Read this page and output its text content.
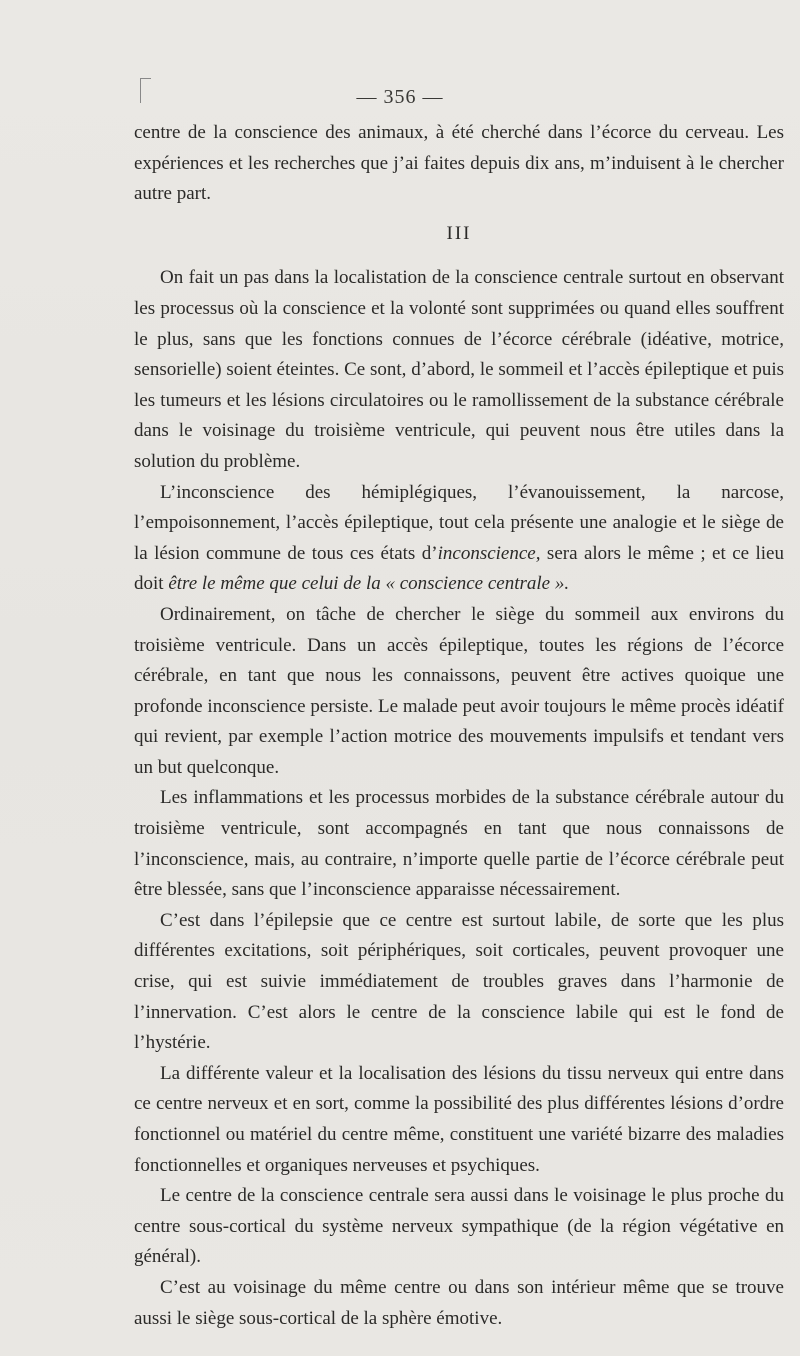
— 356 —

centre de la conscience des animaux, à été cherché dans l’écorce du cerveau. Les expériences et les recherches que j’ai faites depuis dix ans, m’induisent à le chercher autre part.

III

On fait un pas dans la localistation de la conscience centrale surtout en observant les processus où la conscience et la volonté sont supprimées ou quand elles souffrent le plus, sans que les fonctions connues de l’écorce cérébrale (idéative, motrice, sensorielle) soient éteintes. Ce sont, d’abord, le sommeil et l’accès épileptique et puis les tumeurs et les lésions circulatoires ou le ramollissement de la substance cérébrale dans le voisinage du troisième ventricule, qui peuvent nous être utiles dans la solution du problème.

L’inconscience des hémiplégiques, l’évanouissement, la narcose, l’empoisonnement, l’accès épileptique, tout cela présente une analogie et le siège de la lésion commune de tous ces états d’inconscience, sera alors le même ; et ce lieu doit être le même que celui de la « conscience centrale ».

Ordinairement, on tâche de chercher le siège du sommeil aux environs du troisième ventricule. Dans un accès épileptique, toutes les régions de l’écorce cérébrale, en tant que nous les connaissons, peuvent être actives quoique une profonde inconscience persiste. Le malade peut avoir toujours le même procès idéatif qui revient, par exemple l’action motrice des mouvements impulsifs et tendant vers un but quelconque.

Les inflammations et les processus morbides de la substance cérébrale autour du troisième ventricule, sont accompagnés en tant que nous connaissons de l’inconscience, mais, au contraire, n’importe quelle partie de l’écorce cérébrale peut être blessée, sans que l’inconscience apparaisse nécessairement.

C’est dans l’épilepsie que ce centre est surtout labile, de sorte que les plus différentes excitations, soit périphériques, soit corticales, peuvent provoquer une crise, qui est suivie immédiatement de troubles graves dans l’harmonie de l’innervation. C’est alors le centre de la conscience labile qui est le fond de l’hystérie.

La différente valeur et la localisation des lésions du tissu nerveux qui entre dans ce centre nerveux et en sort, comme la possibilité des plus différentes lésions d’ordre fonctionnel ou matériel du centre même, constituent une variété bizarre des maladies fonctionnelles et organiques nerveuses et psychiques.

Le centre de la conscience centrale sera aussi dans le voisinage le plus proche du centre sous-cortical du système nerveux sympathique (de la région végétative en général).

C’est au voisinage du même centre ou dans son intérieur même que se trouve aussi le siège sous-cortical de la sphère émotive.
